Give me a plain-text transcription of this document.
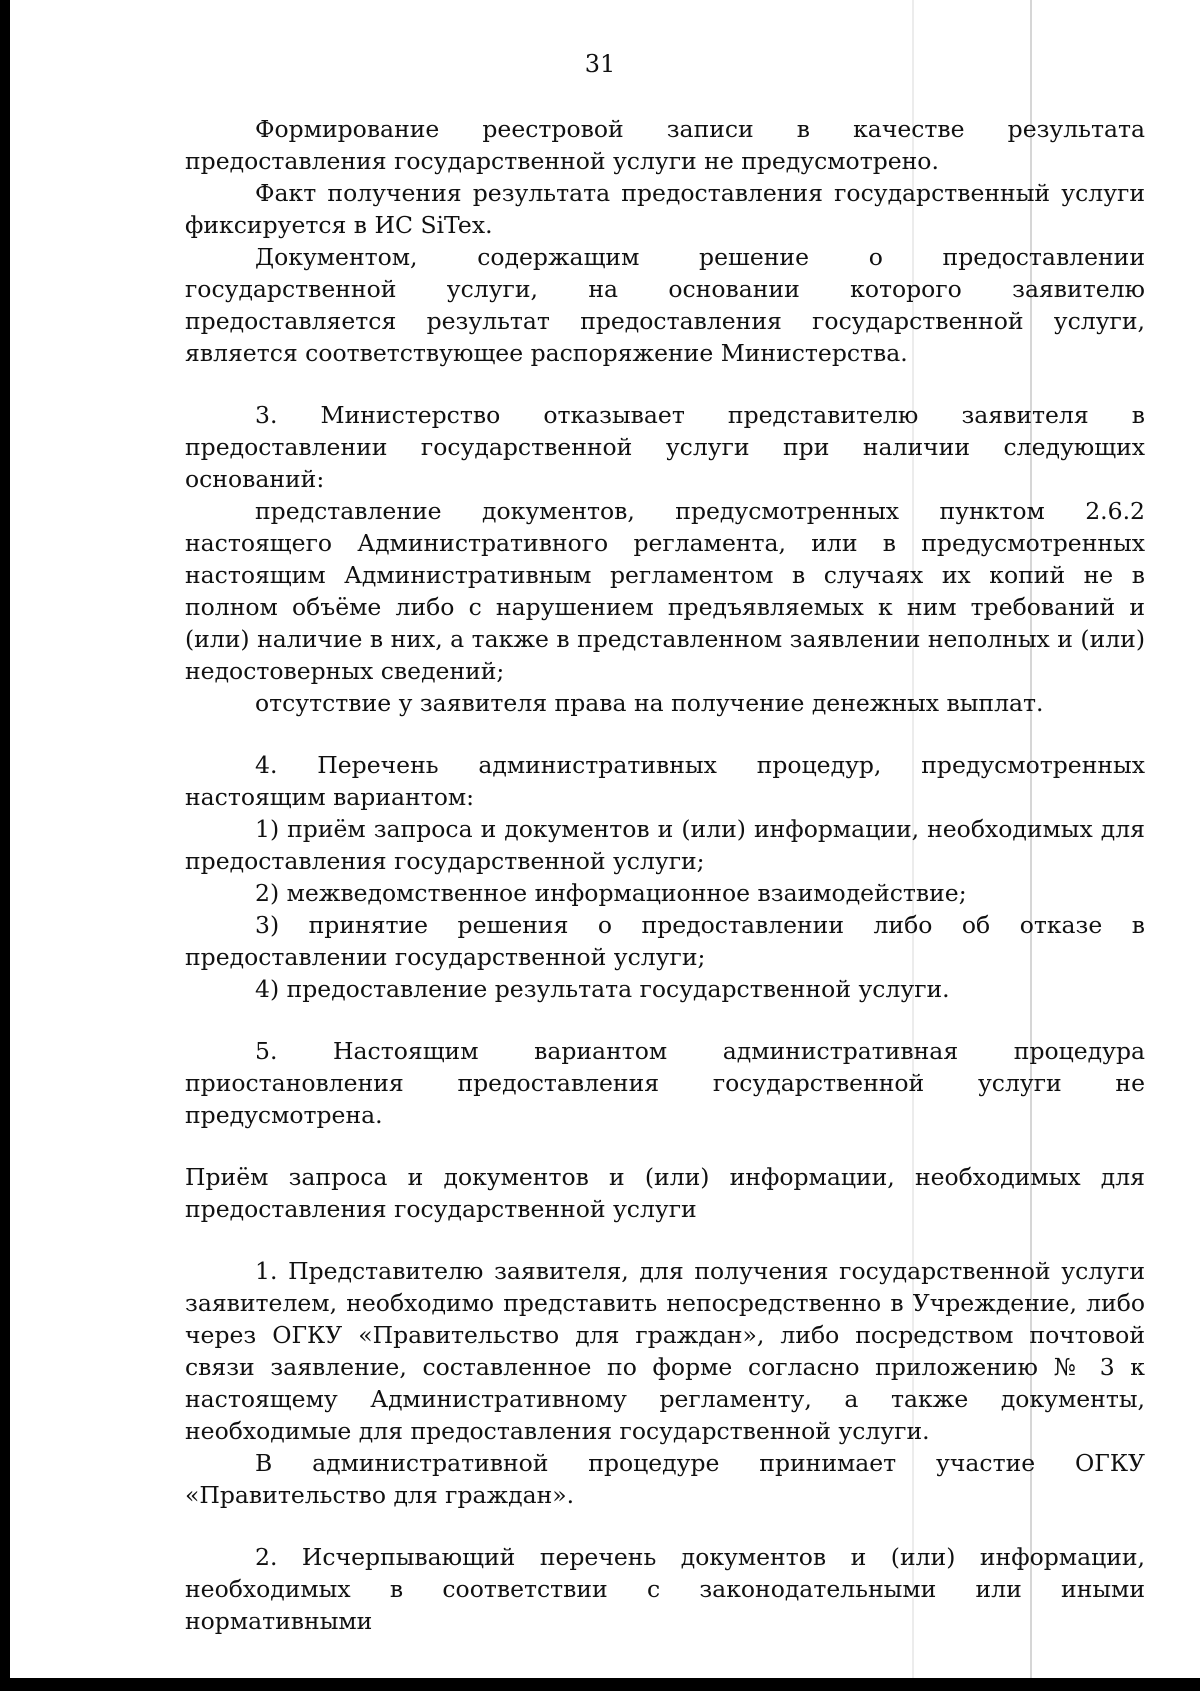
31

Формирование реестровой записи в качестве результата предоставления государственной услуги не предусмотрено.

Факт получения результата предоставления государственный услуги фиксируется в ИС SiTex.

Документом, содержащим решение о предоставлении государственной услуги, на основании которого заявителю предоставляется результат предоставления государственной услуги, является соответствующее распоряжение Министерства.

3. Министерство отказывает представителю заявителя в предоставлении государственной услуги при наличии следующих оснований:

представление документов, предусмотренных пунктом 2.6.2 настоящего Административного регламента, или в предусмотренных настоящим Административным регламентом в случаях их копий не в полном объёме либо с нарушением предъявляемых к ним требований и (или) наличие в них, а также в представленном заявлении неполных и (или) недостоверных сведений;

отсутствие у заявителя права на получение денежных выплат.

4. Перечень административных процедур, предусмотренных настоящим вариантом:

1) приём запроса и документов и (или) информации, необходимых для предоставления государственной услуги;

2) межведомственное информационное взаимодействие;

3) принятие решения о предоставлении либо об отказе в предоставлении государственной услуги;

4) предоставление результата государственной услуги.

5. Настоящим вариантом административная процедура приостановления предоставления государственной услуги не предусмотрена.

Приём запроса и документов и (или) информации, необходимых для предоставления государственной услуги

1. Представителю заявителя, для получения государственной услуги заявителем, необходимо представить непосредственно в Учреждение, либо через ОГКУ «Правительство для граждан», либо посредством почтовой связи заявление, составленное по форме согласно приложению № 3 к настоящему Административному регламенту, а также документы, необходимые для предоставления государственной услуги.

В административной процедуре принимает участие ОГКУ «Правительство для граждан».

2. Исчерпывающий перечень документов и (или) информации, необходимых в соответствии с законодательными или иными нормативными
